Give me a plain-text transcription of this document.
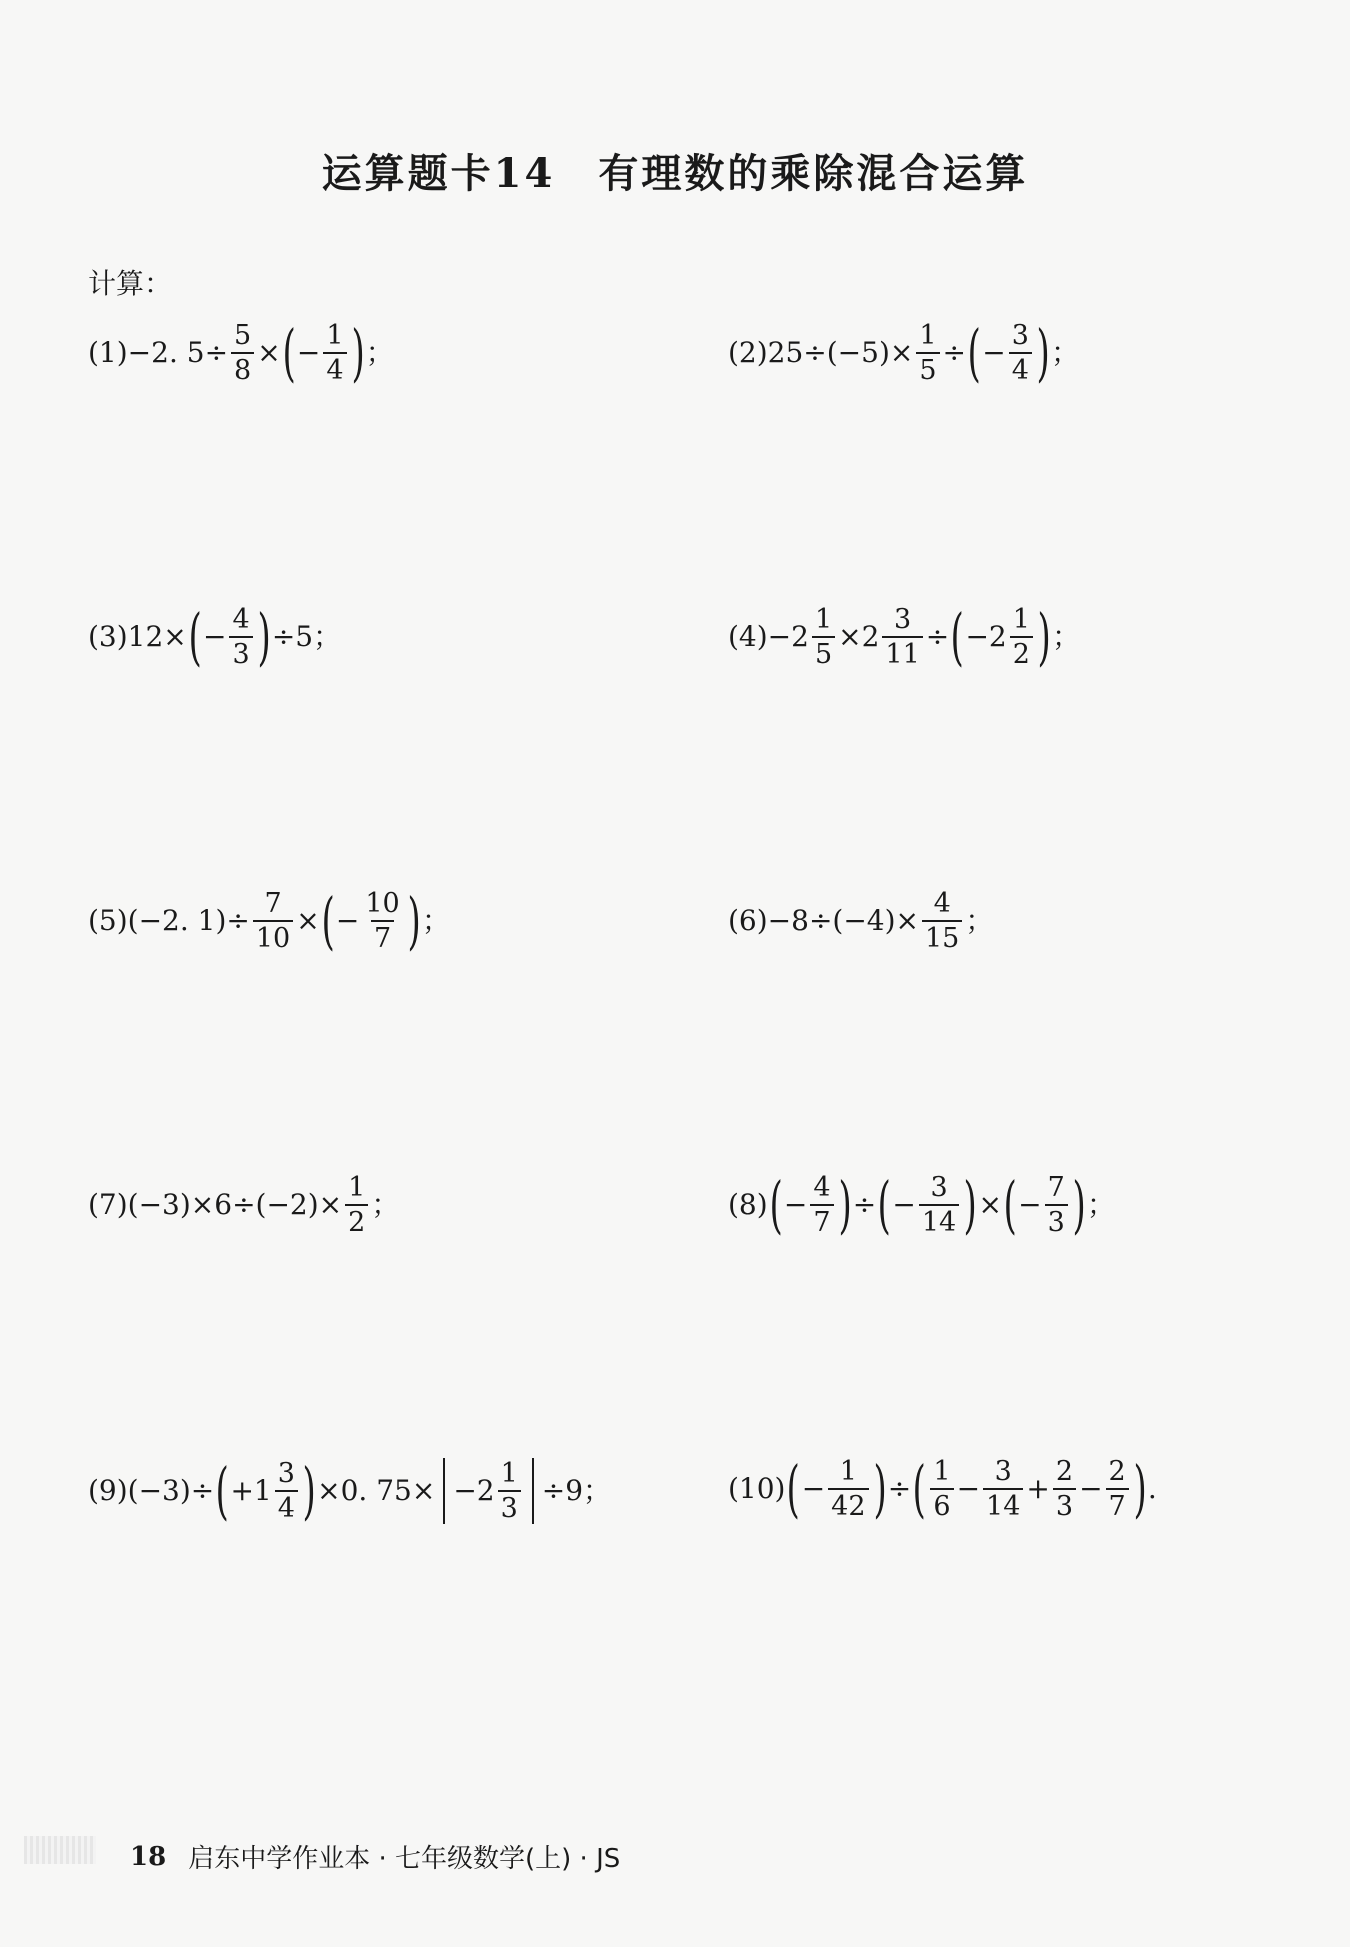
运算题卡14　有理数的乘除混合运算
计算：
(1) −2. $5\div \frac{5}{8}$ × ( − $\frac{1}{4}$ ) ；	(2) $25\div(-5)\times \frac{1}{5}$ ÷ ( − $\frac{3}{4}$ ) ；
(3) 12× ( − $\frac{4}{3}$ ) ÷5；	$(4) -2 \frac{1}{5} \times 2 \frac{3}{11}$ ÷ ( $-2 \frac{1}{2}$ ) ；
(5) (−2. $1)\div \frac{7}{10}$ × ( − $\frac{10}{7}$ ) ；	$(6) -8\div(-4)\times \frac{4}{15}$ ；
(7) $(-3)\times 6\div(-2)\times \frac{1}{2}$ ；	(8) ( − $\frac{4}{7}$ ) ÷ ( − $\frac{3}{14}$ ) × ( − $\frac{7}{3}$ ) ；
(9) (−3)÷ ( $+1 \frac{3}{4}$ ) ×0. $75\times -2 \frac{1}{3} \div 9$；	(10) ( − $\frac{1}{42}$ ) ÷ ( $\frac{1}{6} - \frac{3}{14} + \frac{2}{3} - \frac{2}{7}$ ) .
18 启东中学作业本 · 七年级数学(上) · JS
